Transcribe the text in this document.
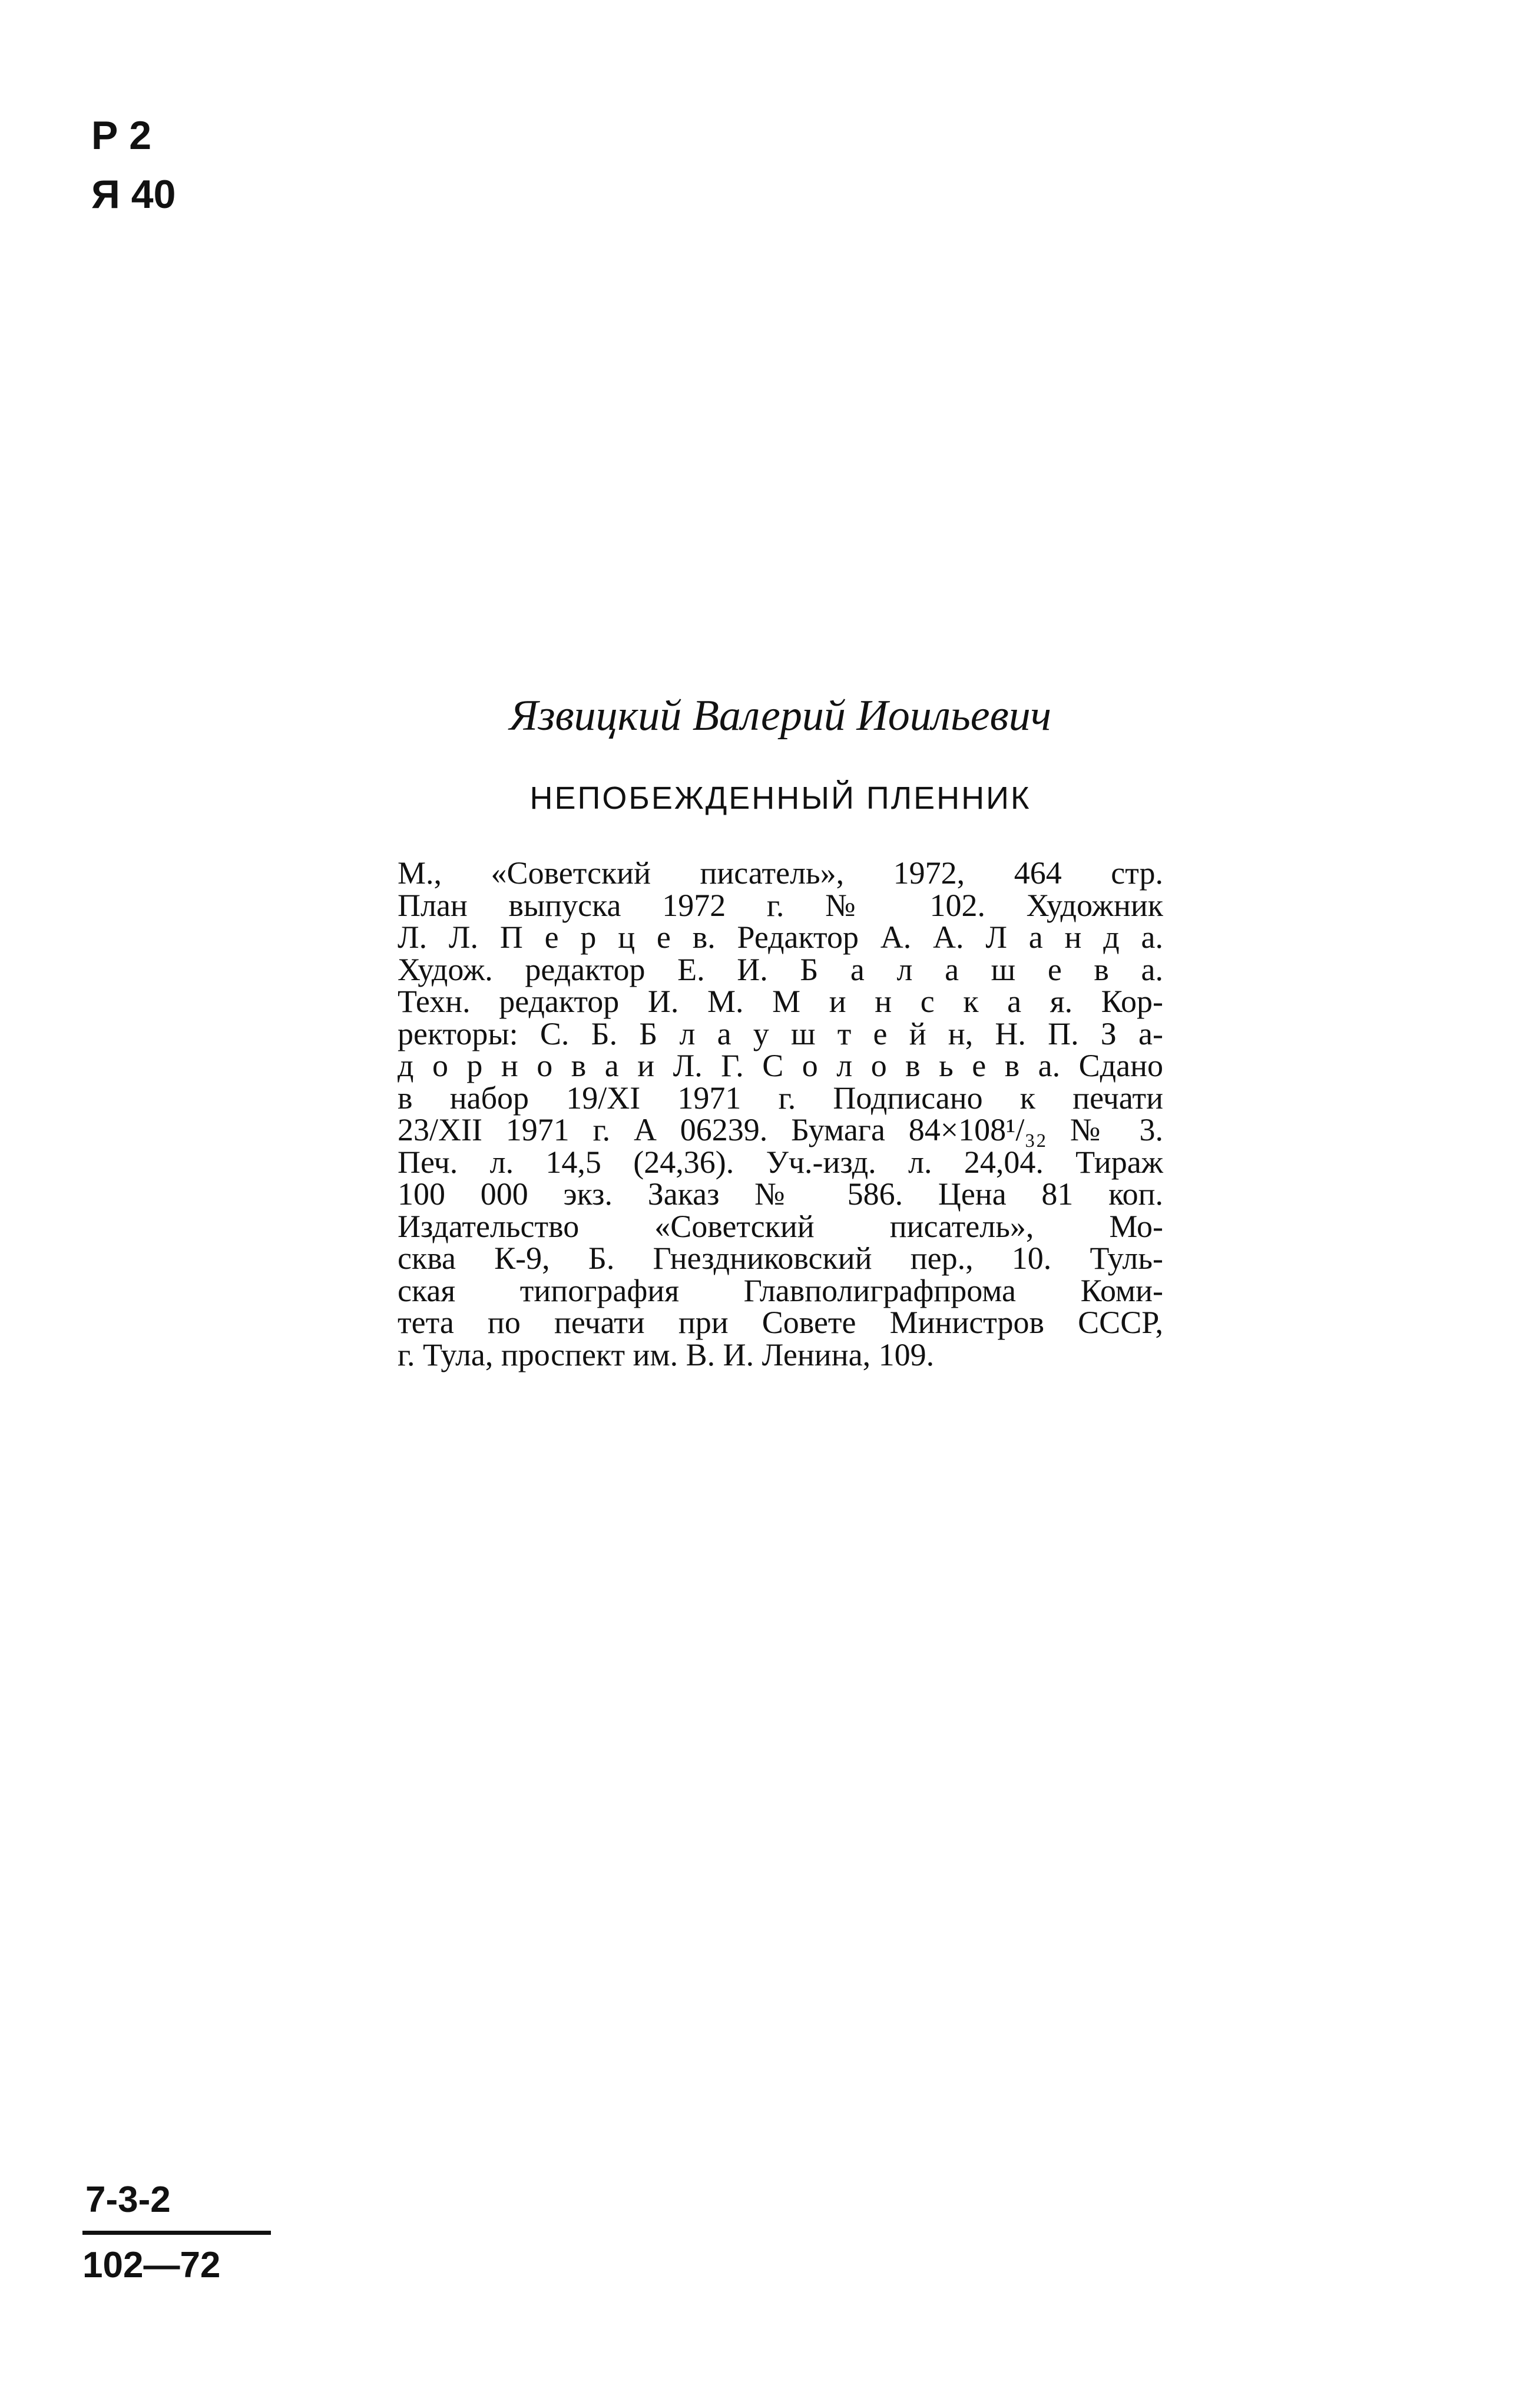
Р 2
Я 40
Язвицкий Валерий Иоильевич
НЕПОБЕЖДЕННЫЙ ПЛЕННИК
М., «Советский писатель», 1972, 464 стр.
План выпуска 1972 г. № 102. Художник
Л. Л. П е р ц е в. Редактор А. А. Л а н д а.
Худож. редактор Е. И. Б а л а ш е в а.
Техн. редактор И. М. М и н с к а я. Кор-
ректоры: С. Б. Б л а у ш т е й н, Н. П. З а-
д о р н о в а и Л. Г. С о л о в ь е в а. Сдано
в набор 19/XI 1971 г. Подписано к печати
23/XII 1971 г. А 06239. Бумага 84×108¹/₃₂ № 3.
Печ. л. 14,5 (24,36). Уч.-изд. л. 24,04. Тираж
100 000 экз. Заказ № 586. Цена 81 коп.
Издательство «Советский писатель», Мо-
сква К-9, Б. Гнездниковский пер., 10. Туль-
ская типография Главполиграфпрома Коми-
тета по печати при Совете Министров СССР,
г. Тула, проспект им. В. И. Ленина, 109.
7-3-2
102—72
